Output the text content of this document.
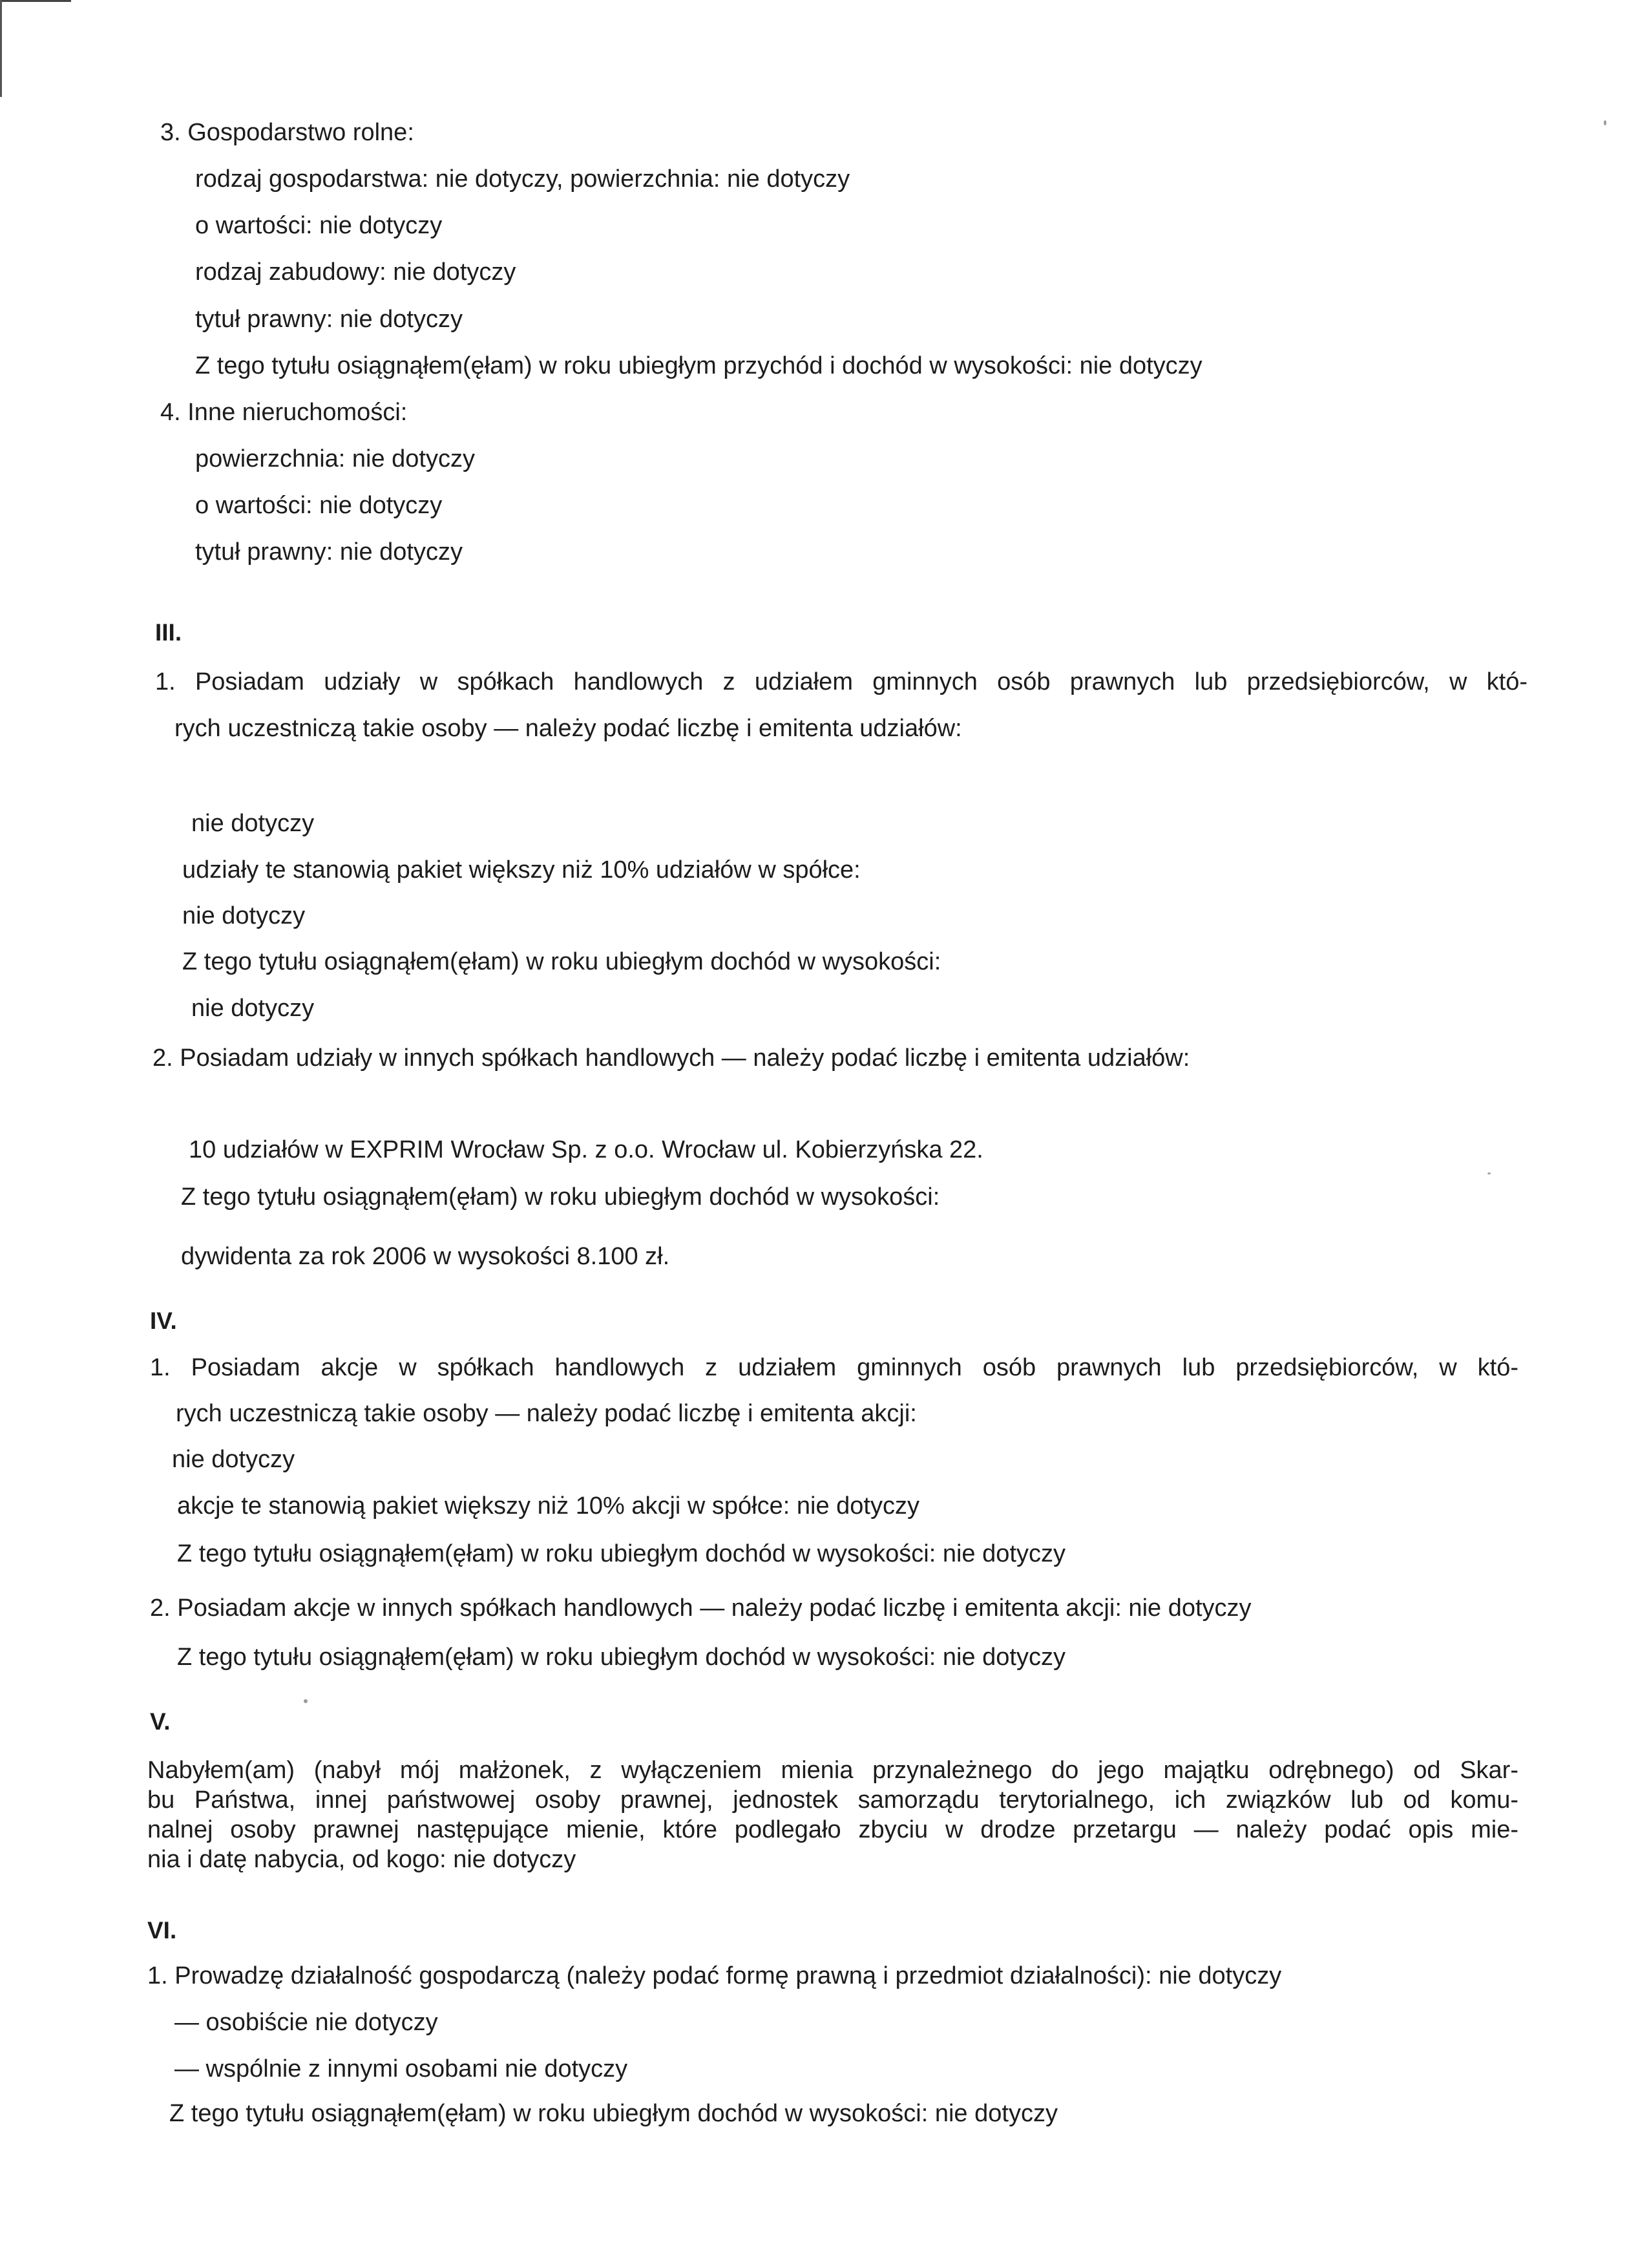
3. Gospodarstwo rolne:
rodzaj gospodarstwa: nie dotyczy, powierzchnia: nie dotyczy
o wartości: nie dotyczy
rodzaj zabudowy: nie dotyczy
tytuł prawny: nie dotyczy
Z tego tytułu osiągnąłem(ęłam) w roku ubiegłym przychód i dochód w wysokości: nie dotyczy
4. Inne nieruchomości:
powierzchnia: nie dotyczy
o wartości: nie dotyczy
tytuł prawny: nie dotyczy
III.
1. Posiadam udziały w spółkach handlowych z udziałem gminnych osób prawnych lub przedsiębiorców, w któ-
rych uczestniczą takie osoby — należy podać liczbę i emitenta udziałów:
nie dotyczy
udziały te stanowią pakiet większy niż 10% udziałów w spółce:
nie dotyczy
Z tego tytułu osiągnąłem(ęłam) w roku ubiegłym dochód w wysokości:
nie dotyczy
2. Posiadam udziały w innych spółkach handlowych — należy podać liczbę i emitenta udziałów:
10 udziałów w EXPRIM Wrocław Sp. z o.o. Wrocław ul. Kobierzyńska 22.
Z tego tytułu osiągnąłem(ęłam) w roku ubiegłym dochód w wysokości:
dywidenta za rok 2006 w wysokości 8.100 zł.
IV.
1. Posiadam akcje w spółkach handlowych z udziałem gminnych osób prawnych lub przedsiębiorców, w któ-
rych uczestniczą takie osoby — należy podać liczbę i emitenta akcji:
nie dotyczy
akcje te stanowią pakiet większy niż 10% akcji w spółce: nie dotyczy
Z tego tytułu osiągnąłem(ęłam) w roku ubiegłym dochód w wysokości: nie dotyczy
2. Posiadam akcje w innych spółkach handlowych — należy podać liczbę i emitenta akcji: nie dotyczy
Z tego tytułu osiągnąłem(ęłam) w roku ubiegłym dochód w wysokości: nie dotyczy
V.
Nabyłem(am) (nabył mój małżonek, z wyłączeniem mienia przynależnego do jego majątku odrębnego) od Skar-
bu Państwa, innej państwowej osoby prawnej, jednostek samorządu terytorialnego, ich związków lub od komu-
nalnej osoby prawnej następujące mienie, które podlegało zbyciu w drodze przetargu — należy podać opis mie-
nia i datę nabycia, od kogo: nie dotyczy
VI.
1. Prowadzę działalność gospodarczą (należy podać formę prawną i przedmiot działalności): nie dotyczy
— osobiście nie dotyczy
— wspólnie z innymi osobami nie dotyczy
Z tego tytułu osiągnąłem(ęłam) w roku ubiegłym dochód w wysokości: nie dotyczy
